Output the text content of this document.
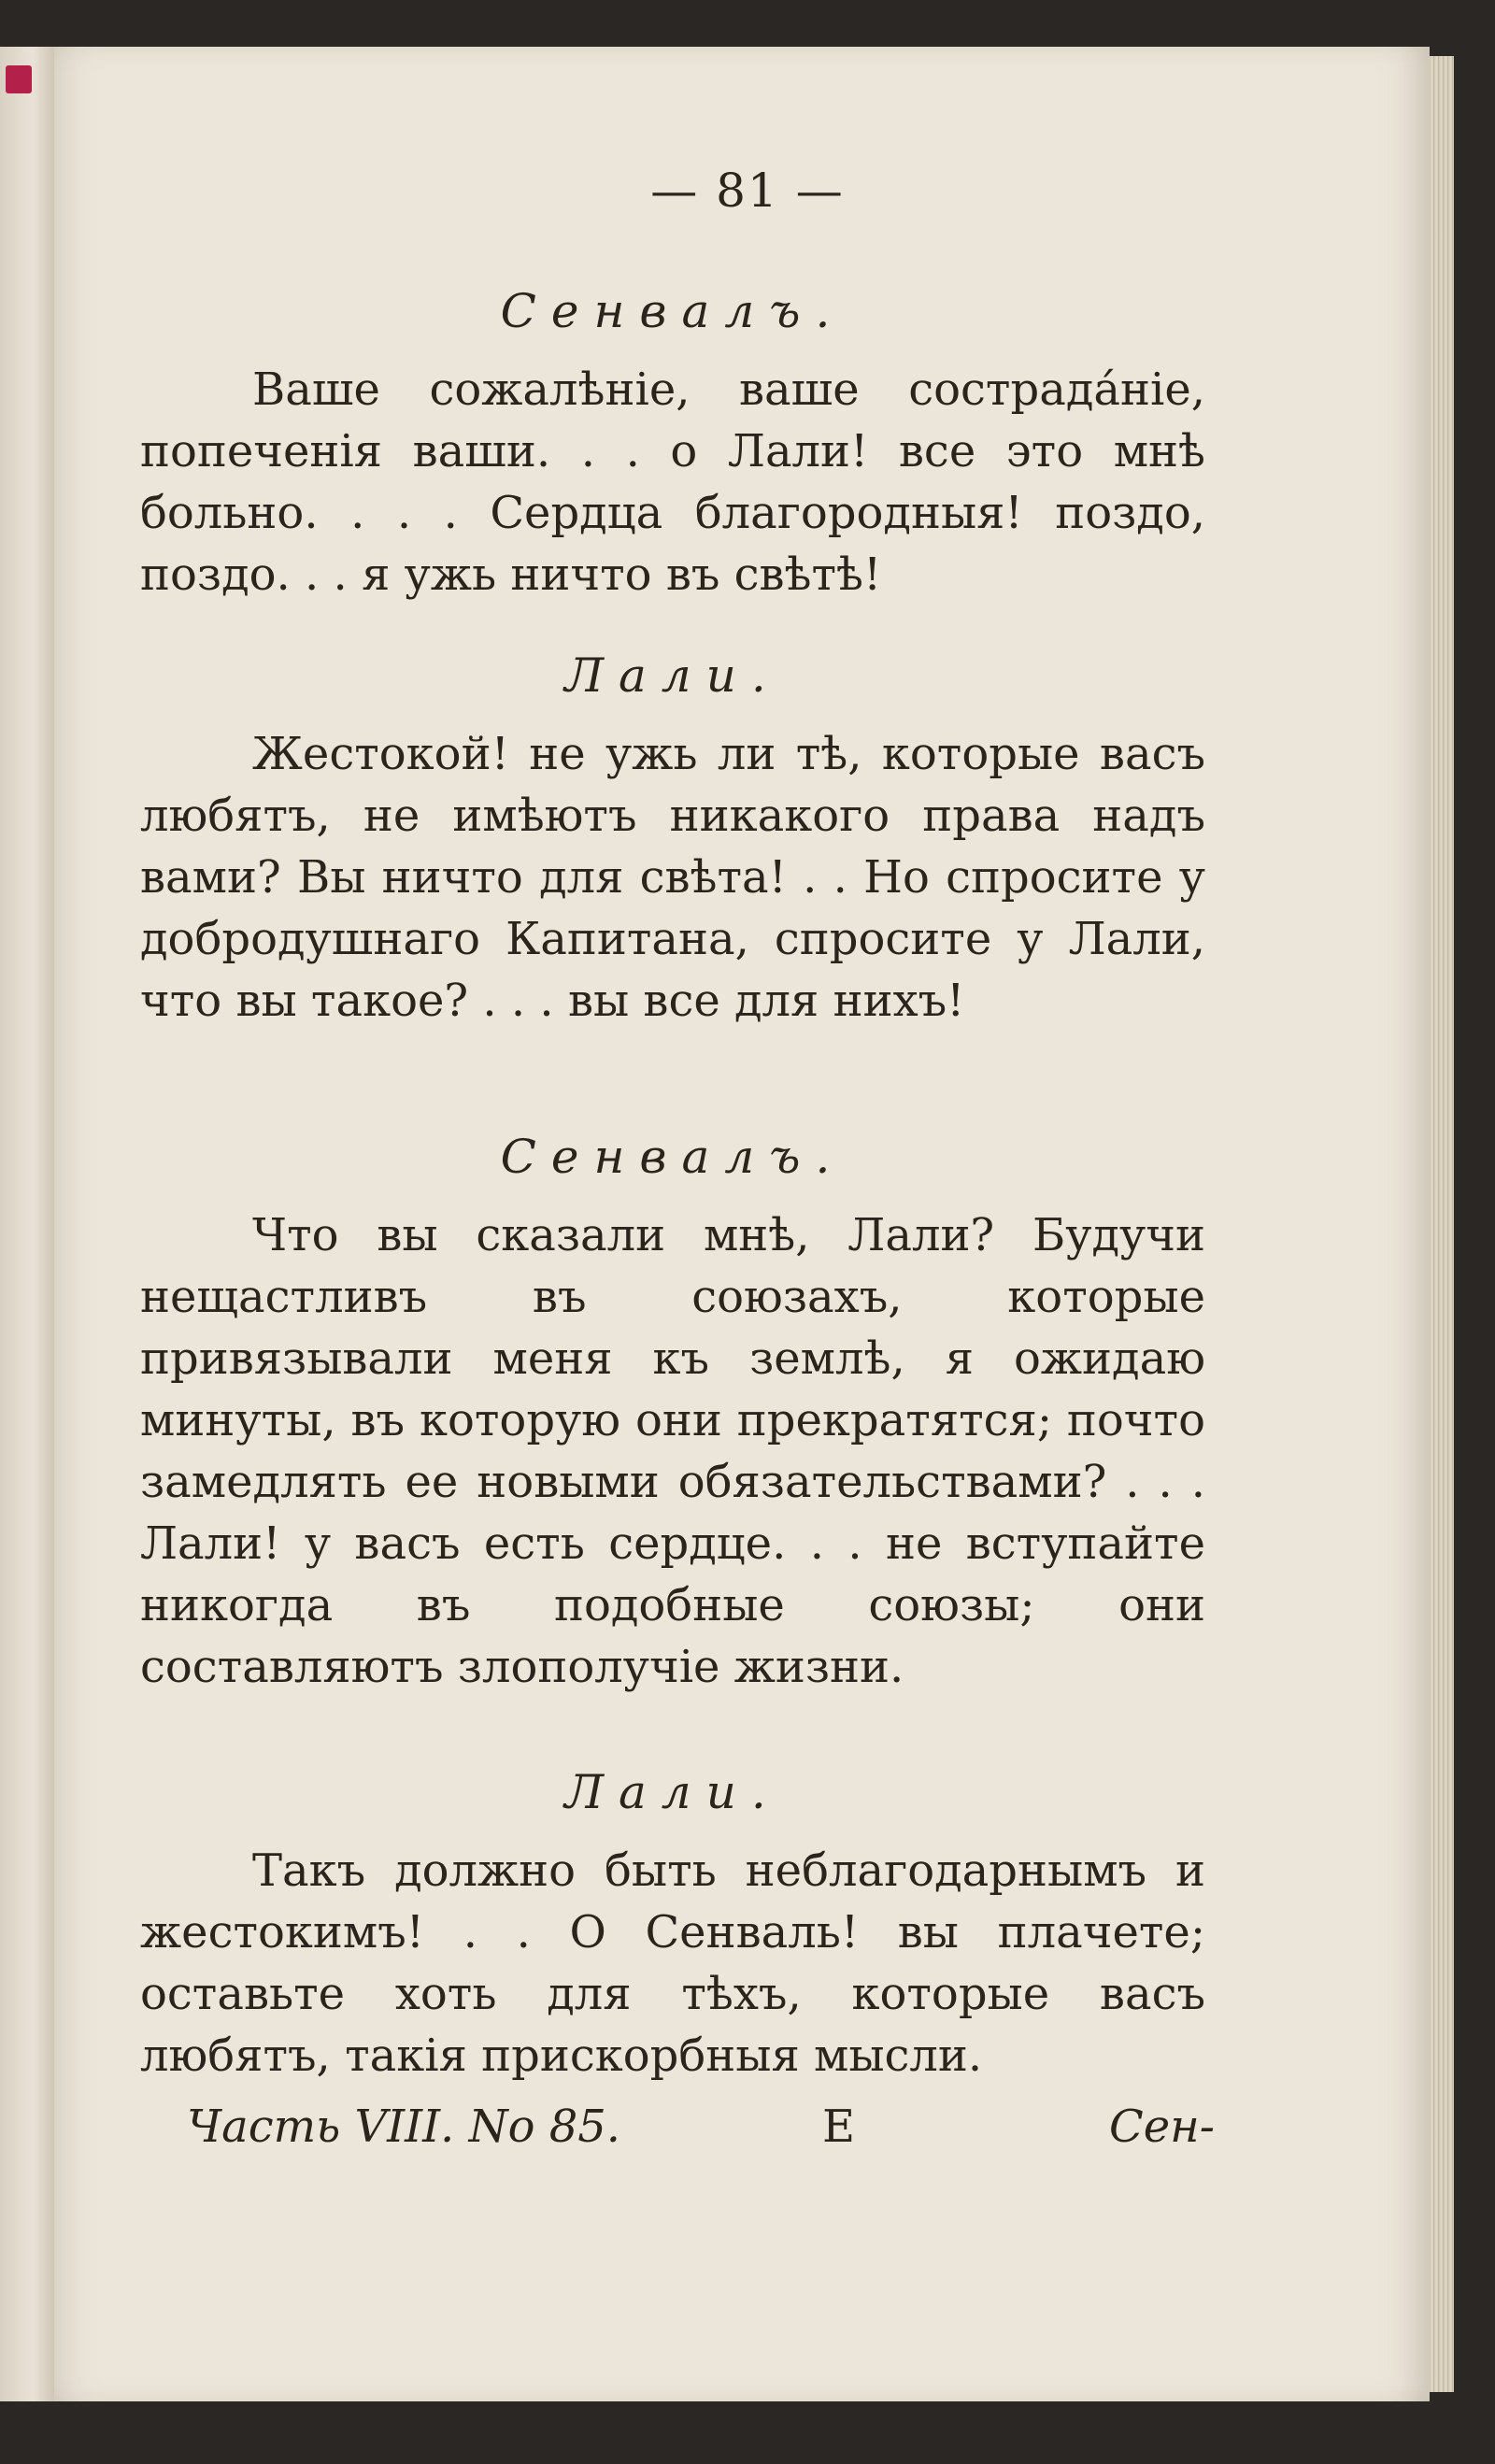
— 81 —

Сенвалъ.

Ваше сожалѣніе, ваше сострада́ніе, попеченія ваши. . . о Лали! все это мнѣ больно. . . . Сердца благородныя! поздо, поздо. . . я ужь ничто въ свѣтѣ!

Лали.

Жестокой! не ужь ли тѣ, которые васъ любятъ, не имѣютъ никакого права надъ вами? Вы ничто для свѣта! . . Но спросите у добродушнаго Капитана, спросите у Лали, что вы такое? . . . вы все для нихъ!

Сенвалъ.

Что вы сказали мнѣ, Лали? Будучи нещастливъ въ союзахъ, которые привязывали меня къ землѣ, я ожидаю минуты, въ которую они прекратятся; почто замедлять ее новыми обязательствами? . . . Лали! у васъ есть сердце. . . не вступайте никогда въ подобные союзы; они составляютъ злополучіе жизни.

Лали.

Такъ должно быть неблагодарнымъ и жестокимъ! . . О Сенваль! вы плачете; оставьте хоть для тѣхъ, которые васъ любятъ, такія прискорбныя мысли.

Часть VIII. No 85.	Е	Сен-
